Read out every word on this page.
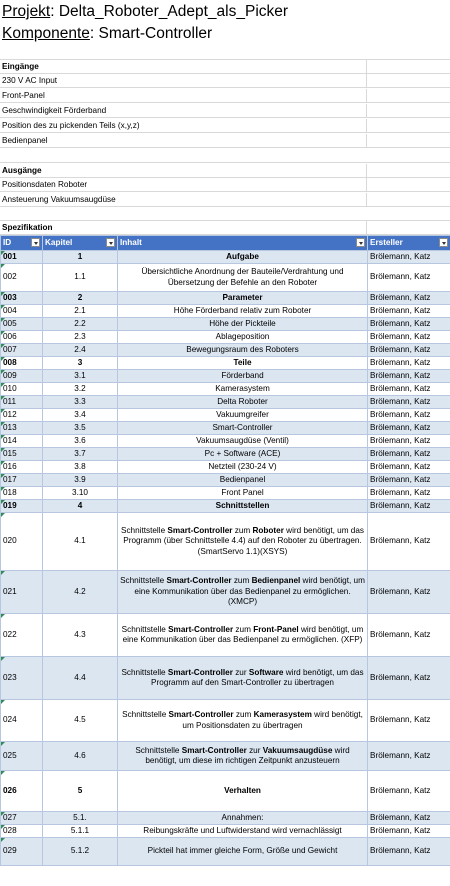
Projekt: Delta_Roboter_Adept_als_Picker
Komponente: Smart-Controller
Eingänge
230 V AC Input
Front-Panel
Geschwindigkeit Förderband
Position des zu pickenden Teils (x,y,z)
Bedienpanel
Ausgänge
Positionsdaten Roboter
Ansteuerung Vakuumsaugdüse
Spezifikation
ID	Kapitel	Inhalt	Ersteller

001	1	Aufgabe	Brölemann, Katz
002	1.1	Übersichtliche Anordnung der Bauteile/Verdrahtung und Übersetzung der Befehle an den Roboter	Brölemann, Katz
003	2	Parameter	Brölemann, Katz
004	2.1	Höhe Förderband relativ zum Roboter	Brölemann, Katz
005	2.2	Höhe der Pickteile	Brölemann, Katz
006	2.3	Ablageposition	Brölemann, Katz
007	2.4	Bewegungsraum des Roboters	Brölemann, Katz
008	3	Teile	Brölemann, Katz
009	3.1	Förderband	Brölemann, Katz
010	3.2	Kamerasystem	Brölemann, Katz
011	3.3	Delta Roboter	Brölemann, Katz
012	3.4	Vakuumgreifer	Brölemann, Katz
013	3.5	Smart-Controller	Brölemann, Katz
014	3.6	Vakuumsaugdüse (Ventil)	Brölemann, Katz
015	3.7	Pc + Software (ACE)	Brölemann, Katz
016	3.8	Netzteil (230-24 V)	Brölemann, Katz
017	3.9	Bedienpanel	Brölemann, Katz
018	3.10	Front Panel	Brölemann, Katz
019	4	Schnittstellen	Brölemann, Katz
020	4.1	Schnittstelle Smart-Controller zum Roboter wird benötigt, um das Programm (über Schnittstelle 4.4) auf den Roboter zu übertragen. (SmartServo 1.1)(XSYS)	Brölemann, Katz
021	4.2	Schnittstelle Smart-Controller zum Bedienpanel wird benötigt, um eine Kommunikation über das Bedienpanel zu ermöglichen. (XMCP)	Brölemann, Katz
022	4.3	Schnittstelle Smart-Controller zum Front-Panel wird benötigt, um eine Kommunikation über das Bedienpanel zu ermöglichen. (XFP)	Brölemann, Katz
023	4.4	Schnittstelle Smart-Controller zur Software wird benötigt, um das Programm auf den Smart-Controller zu übertragen	Brölemann, Katz
024	4.5	Schnittstelle Smart-Controller zum Kamerasystem wird benötigt, um Positionsdaten zu übertragen	Brölemann, Katz
025	4.6	Schnittstelle Smart-Controller zur Vakuumsaugdüse wird benötigt, um diese im richtigen Zeitpunkt anzusteuern	Brölemann, Katz
026	5	Verhalten	Brölemann, Katz
027	5.1.	Annahmen:	Brölemann, Katz
028	5.1.1	Reibungskräfte und Luftwiderstand wird vernachlässigt	Brölemann, Katz
029	5.1.2	Pickteil hat immer gleiche Form, Größe und Gewicht	Brölemann, Katz
